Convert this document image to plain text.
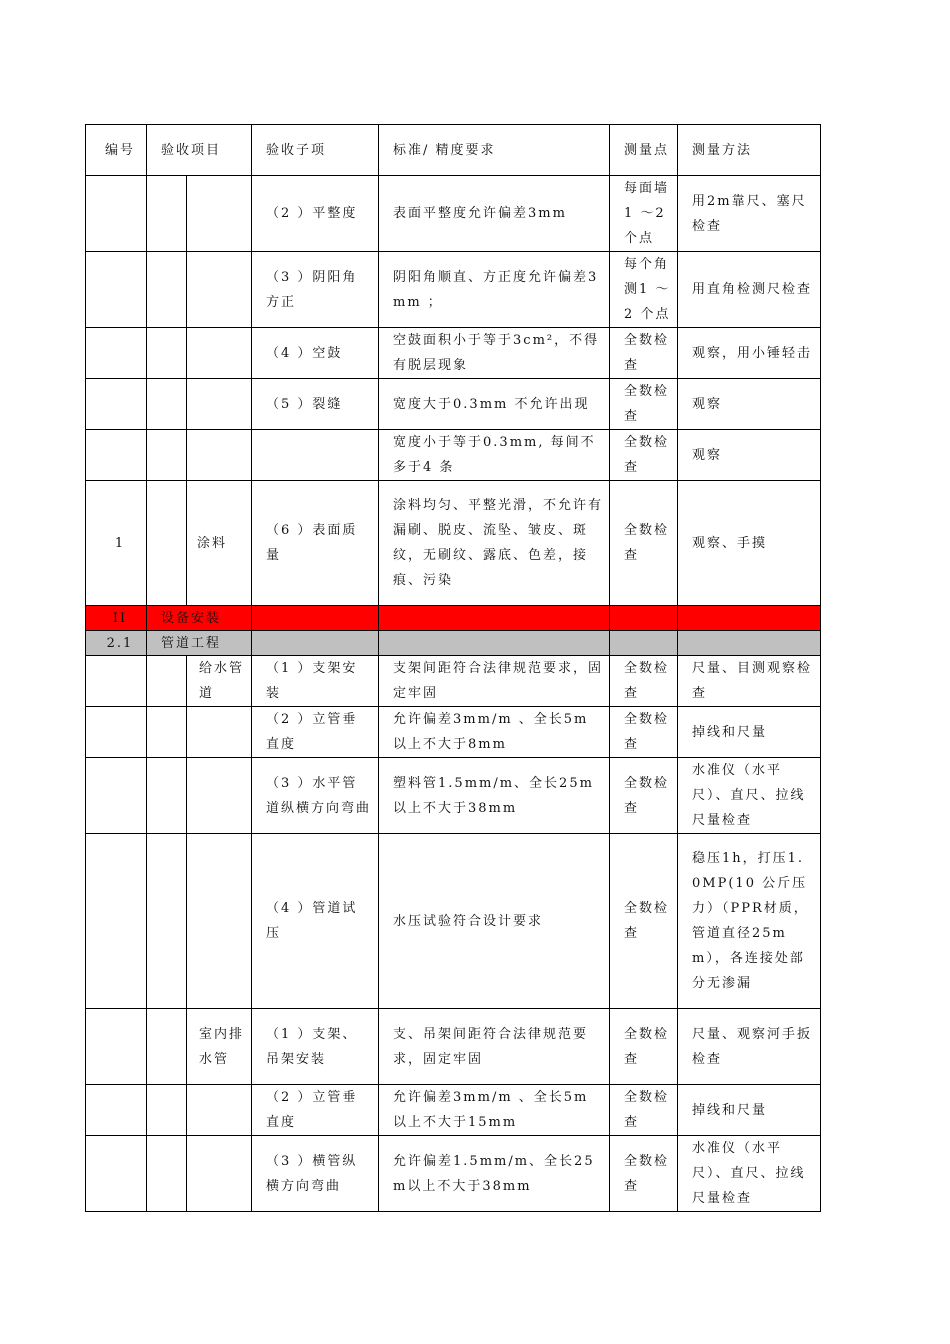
编号	验收项目		验收子项	标准/ 精度要求	测量点	测量方法
			（2 ）平整度	表面平整度允许偏差3mm	每面墙 1 ～2 个点	用2m靠尺、塞尺检查
			（3 ）阴阳角方正	阴阳角顺直、方正度允许偏差3mm ；	每个角测1 ～ 2 个点	用直角检测尺检查
			（4 ）空鼓	空鼓面积小于等于3cm²，不得有脱层现象	全数检查	观察，用小锤轻击
			（5 ）裂缝	宽度大于0.3mm 不允许出现	全数检查	观察
				宽度小于等于0.3mm, 每间不多于4 条	全数检查	观察
1		涂料	（6 ）表面质量	涂料均匀、平整光滑，不允许有漏刷、脱皮、流坠、皱皮、斑纹，无刷纹、露底、色差，接痕、污染	全数检查	观察、手摸
II	设备安装					
2.1	管道工程					
		给水管道	（1 ）支架安装	支架间距符合法律规范要求，固定牢固	全数检查	尺量、目测观察检查
			（2 ）立管垂直度	允许偏差3mm/m 、全长5m以上不大于8mm	全数检查	掉线和尺量
			（3 ）水平管道纵横方向弯曲	塑料管1.5mm/m、全长25m以上不大于38mm	全数检查	水准仪（水平尺）、直尺、拉线尺量检查
			（4 ）管道试压	水压试验符合设计要求	全数检查	稳压1h，打压1.0MP(10 公斤压力）（PPR材质，管道直径25mm），各连接处部分无渗漏
		室内排水管	（1 ）支架、吊架安装	支、吊架间距符合法律规范要求，固定牢固	全数检查	尺量、观察河手扳检查
			（2 ）立管垂直度	允许偏差3mm/m 、全长5m以上不大于15mm	全数检查	掉线和尺量
			（3 ）横管纵横方向弯曲	允许偏差1.5mm/m、全长25m以上不大于38mm	全数检查	水准仪（水平尺）、直尺、拉线尺量检查
